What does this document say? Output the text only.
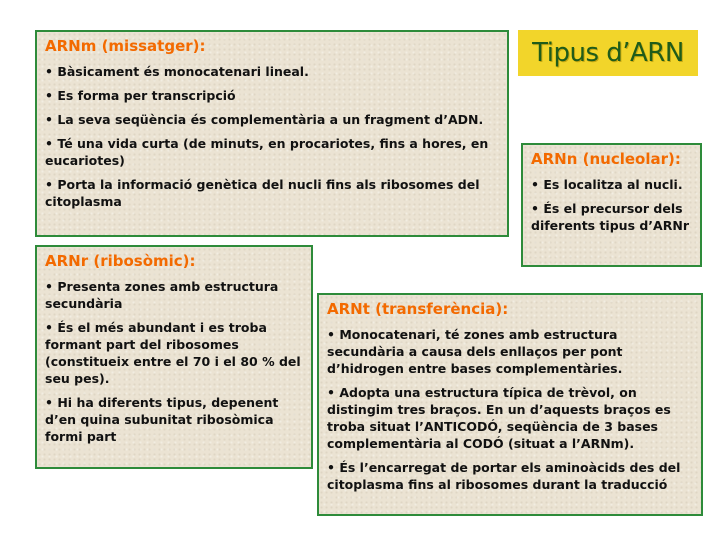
Tipus d’ARN
ARNm (missatger):
• Bàsicament és monocatenari lineal.
• Es forma per transcripció
• La seva seqüència és complementària a un fragment d’ADN.
• Té una vida curta (de minuts, en procariotes, fins a hores, en eucariotes)
• Porta la informació genètica del nucli fins als ribosomes del citoplasma
ARNn (nucleolar):
• Es localitza al nucli.
• És el precursor dels diferents tipus d’ARNr
ARNr (ribosòmic):
• Presenta zones amb estructura secundària
• És el més abundant i es troba formant part del ribosomes (constitueix entre el 70 i el 80 % del seu pes).
• Hi ha diferents tipus, depenent d’en quina subunitat ribosòmica formi part
ARNt (transferència):
• Monocatenari, té zones amb estructura secundària a causa dels enllaços per pont d’hidrogen entre bases complementàries.
• Adopta una estructura típica de trèvol, on distingim tres braços. En un d’aquests braços es troba situat l’ANTICODÓ, seqüència de 3 bases complementària al CODÓ (situat a l’ARNm).
• És l’encarregat de portar els aminoàcids des del citoplasma fins al ribosomes durant la traducció
